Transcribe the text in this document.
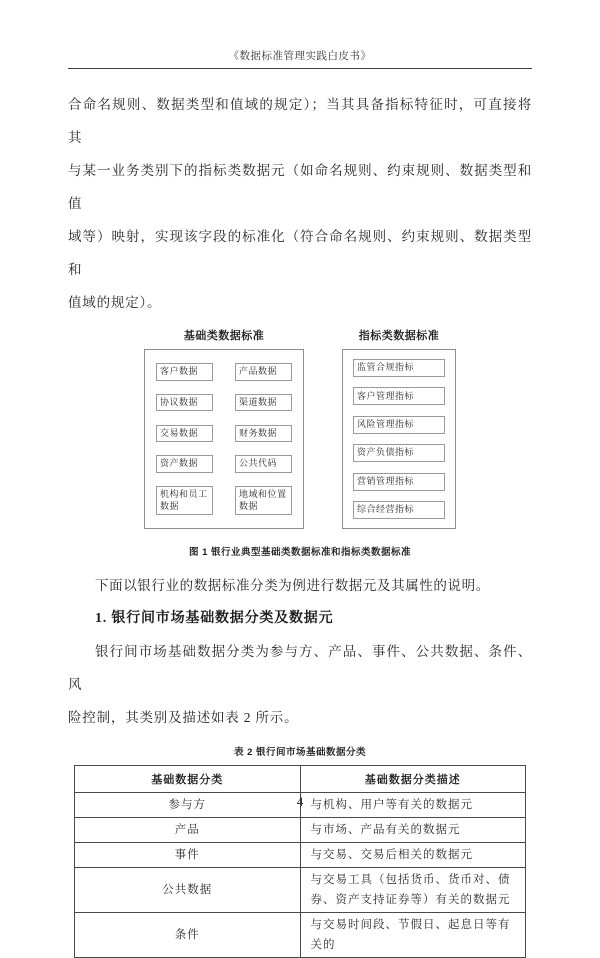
《数据标准管理实践白皮书》
合命名规则、数据类型和值域的规定）；当其具备指标特征时，可直接将其
与某一业务类别下的指标类数据元（如命名规则、约束规则、数据类型和值
域等）映射，实现该字段的标准化（符合命名规则、约束规则、数据类型和
值域的规定）。
基础类数据标准
客户数据	产品数据
协议数据	渠道数据
交易数据	财务数据
资产数据	公共代码
机构和员工数据
地域和位置数据
指标类数据标准
监管合规指标
客户管理指标
风险管理指标
资产负债指标
营销管理指标
综合经营指标
图 1 银行业典型基础类数据标准和指标类数据标准
下面以银行业的数据标准分类为例进行数据元及其属性的说明。
1. 银行间市场基础数据分类及数据元
银行间市场基础数据分类为参与方、产品、事件、公共数据、条件、风
险控制，其类别及描述如表 2 所示。
表 2 银行间市场基础数据分类
基础数据分类	基础数据分类描述
参与方	与机构、用户等有关的数据元
产品	与市场、产品有关的数据元
事件	与交易、交易后相关的数据元
公共数据	与交易工具（包括货币、货币对、债券、资产支持证券等）有关的数据元
条件	与交易时间段、节假日、起息日等有关的
4
